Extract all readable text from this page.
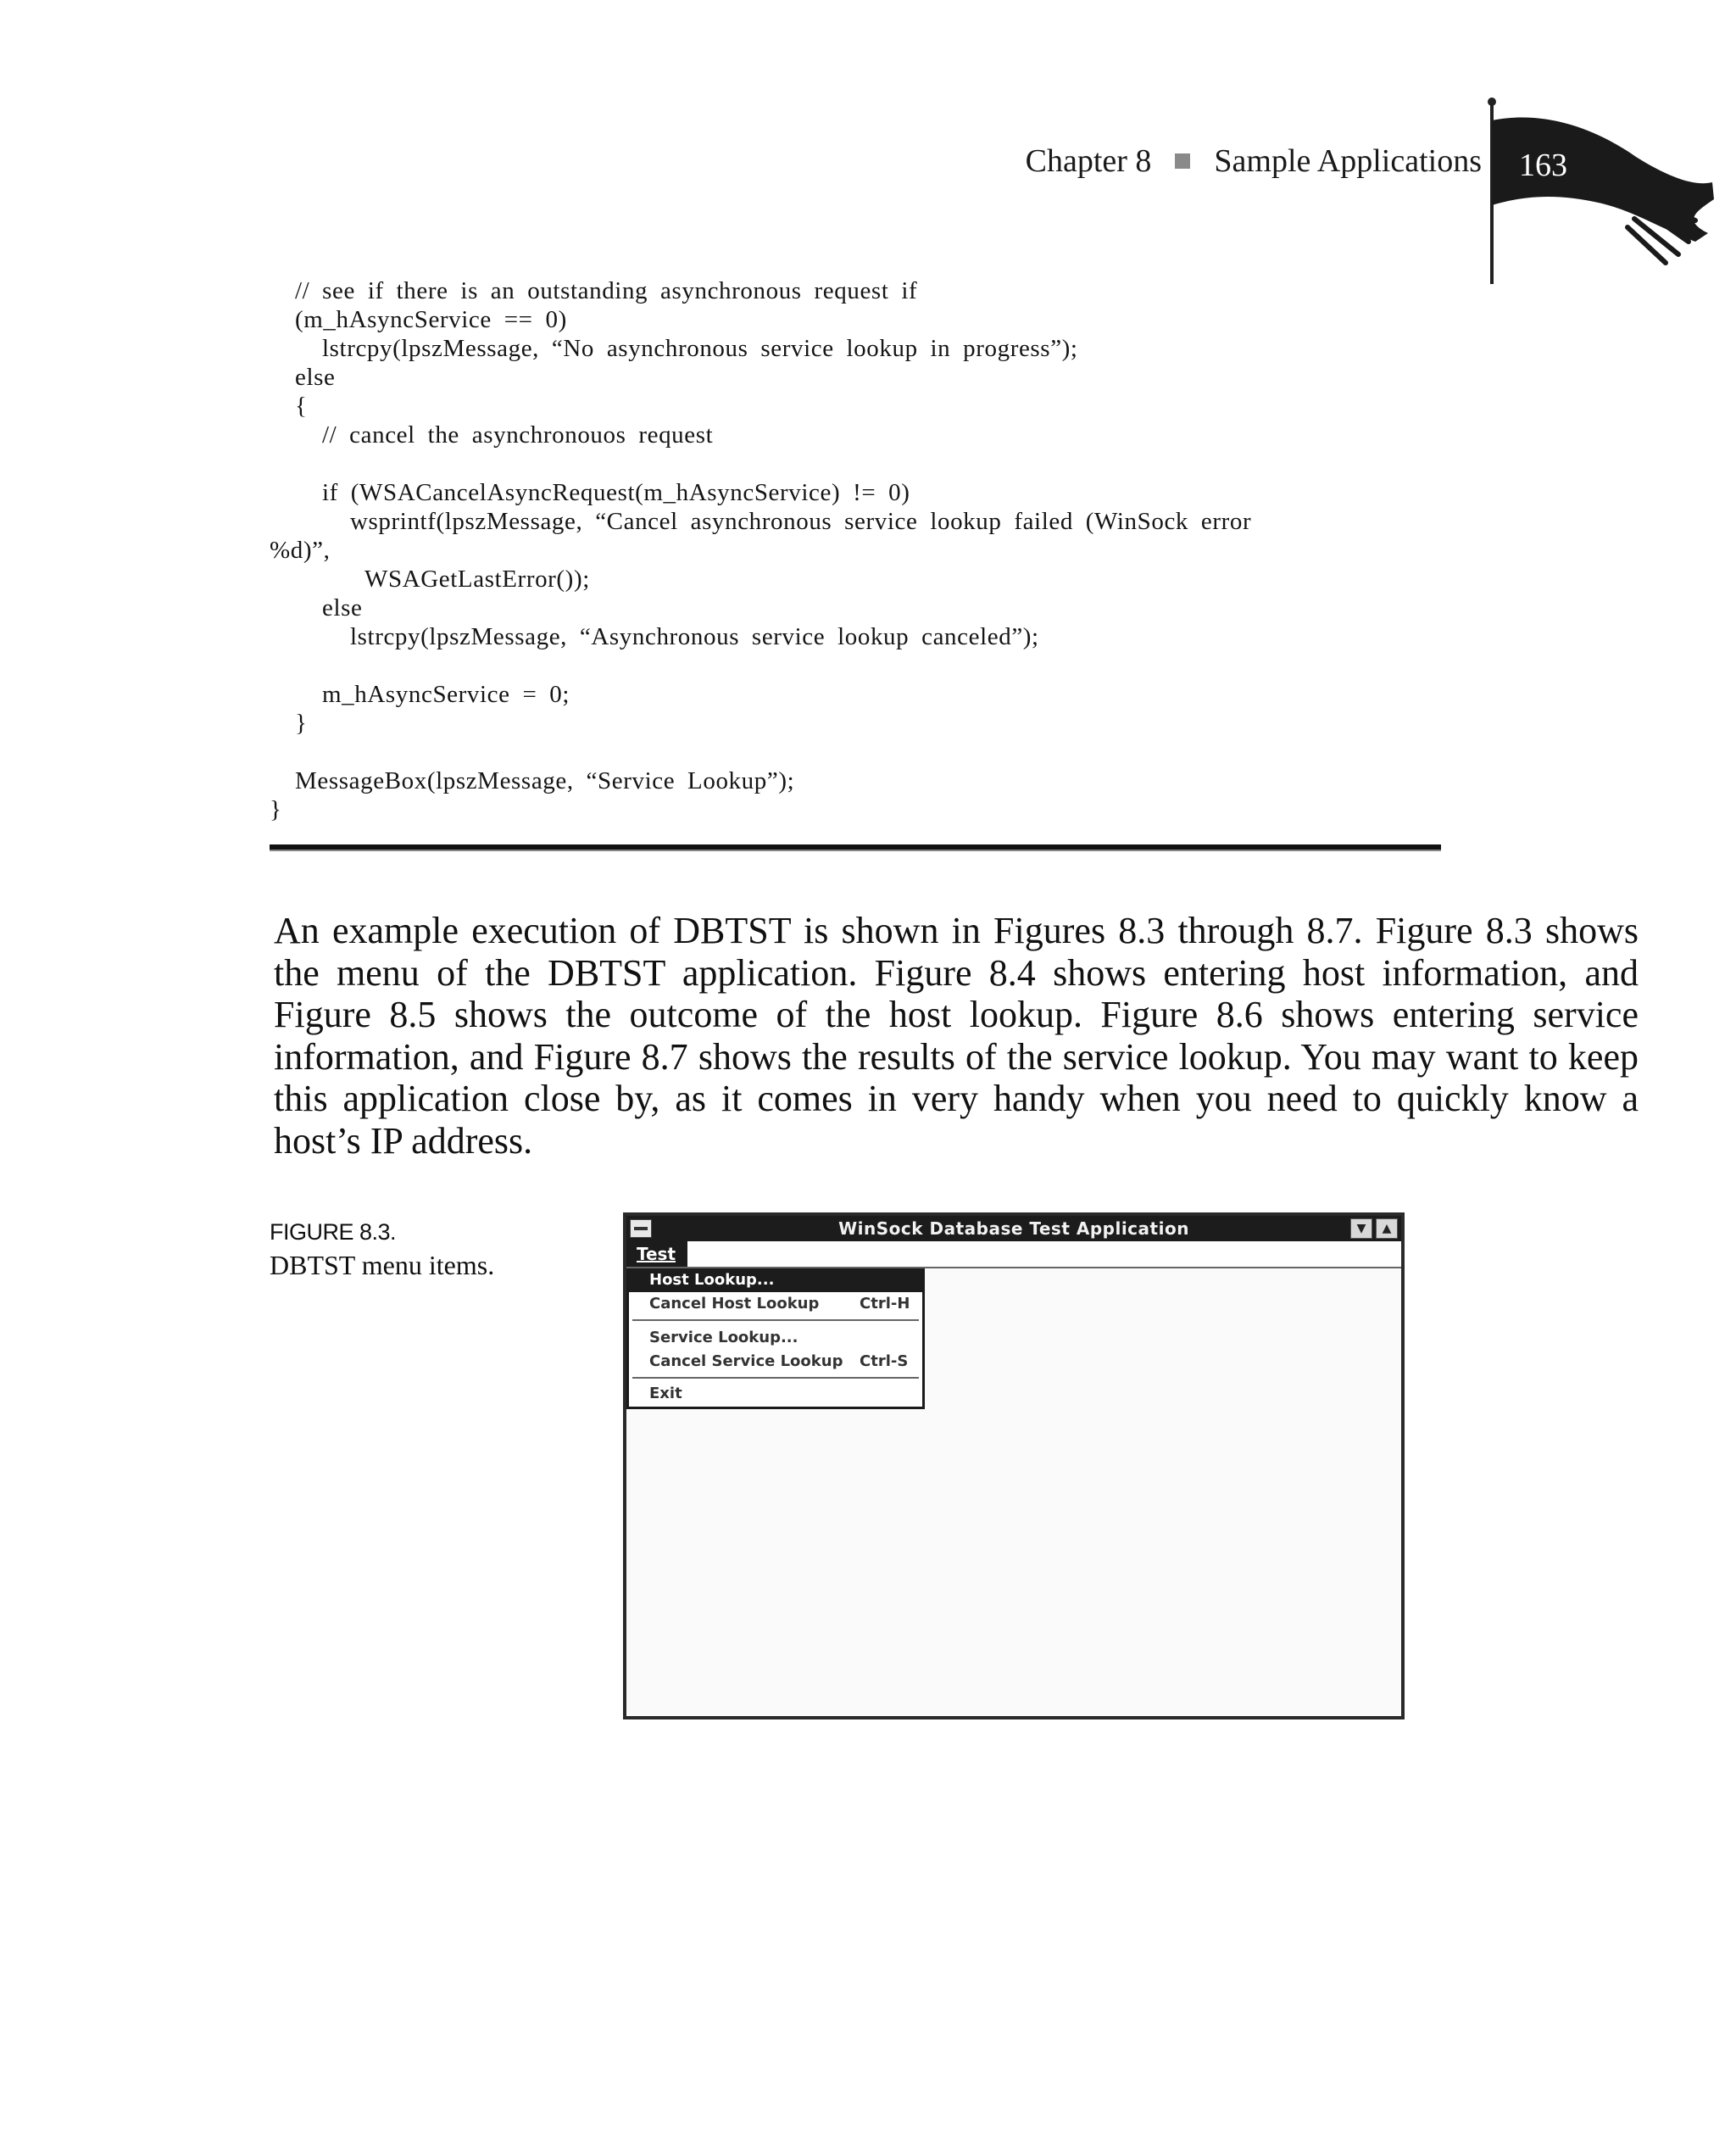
Chapter 8 Sample Applications 163
// see if there is an outstanding asynchronous request if
(m_hAsyncService == 0)
lstrcpy(lpszMessage, “No asynchronous service lookup in progress”);
else
{
// cancel the asynchronouos request
if (WSACancelAsyncRequest(m_hAsyncService) != 0)
wsprintf(lpszMessage, “Cancel asynchronous service lookup failed (WinSock error
%d)”,
WSAGetLastError());
else
lstrcpy(lpszMessage, “Asynchronous service lookup canceled”);
m_hAsyncService = 0;
}
MessageBox(lpszMessage, “Service Lookup”);
}

An example execution of DBTST is shown in Figures 8.3 through 8.7. Figure 8.3 shows the menu of the DBTST application. Figure 8.4 shows entering host information, and Figure 8.5 shows the outcome of the host lookup. Figure 8.6 shows entering service information, and Figure 8.7 shows the results of the service lookup. You may want to keep this application close by, as it comes in very handy when you need to quickly know a host’s IP address.

FIGURE 8.3.
DBTST menu items.
WinSock Database Test Application	▼	▲
Test
Host Lookup...
Cancel Host Lookup	Ctrl-H
Service Lookup...
Cancel Service Lookup Ctrl-S
Exit
